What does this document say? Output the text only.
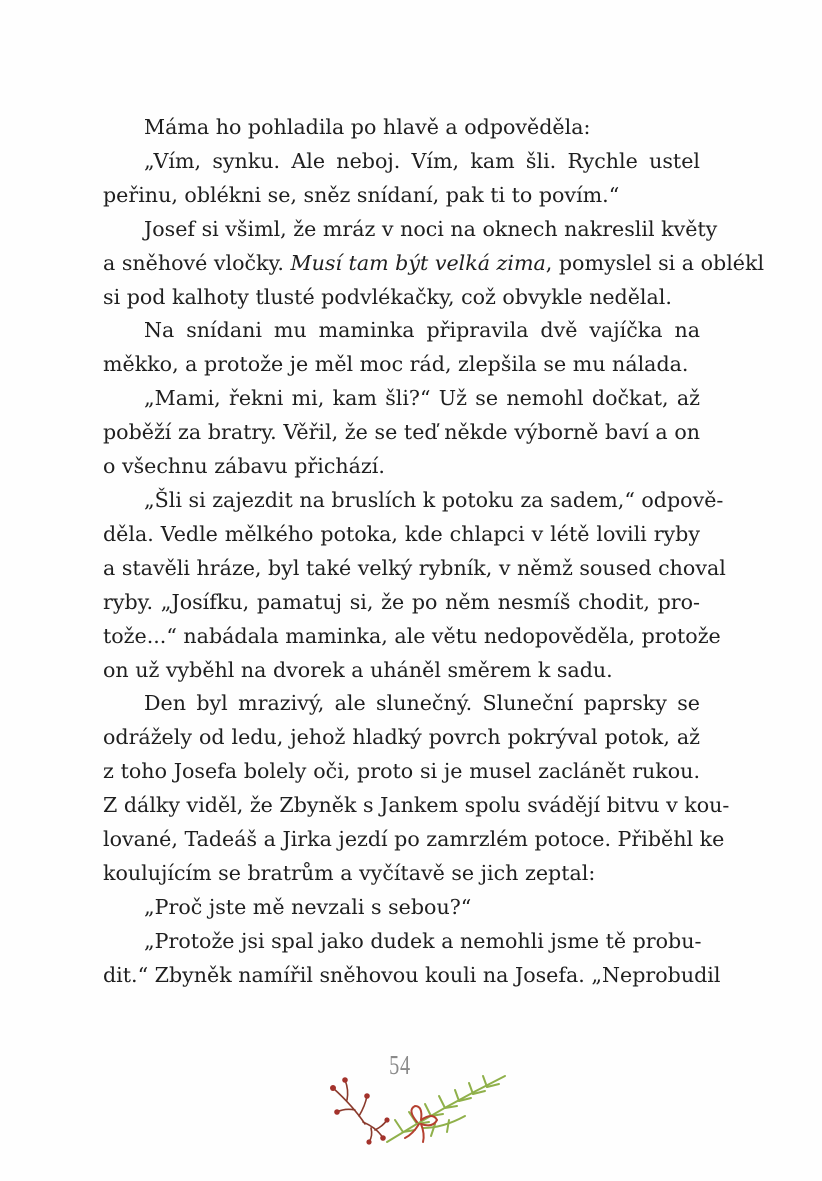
Máma ho pohladila po hlavě a odpověděla:

„Vím, synku. Ale neboj. Vím, kam šli. Rychle ustel
peřinu, oblékni se, sněz snídaní, pak ti to povím.“

Josef si všiml, že mráz v noci na oknech nakreslil květy
a sněhové vločky. Musí tam být velká zima, pomyslel si a oblékl
si pod kalhoty tlusté podvlékačky, což obvykle nedělal.

Na snídani mu maminka připravila dvě vajíčka na
měkko, a protože je měl moc rád, zlepšila se mu nálada.

„Mami, řekni mi, kam šli?“ Už se nemohl dočkat, až
poběží za bratry. Věřil, že se teď někde výborně baví a on
o všechnu zábavu přichází.

„Šli si zajezdit na bruslích k potoku za sadem,“ odpově-
děla. Vedle mělkého potoka, kde chlapci v létě lovili ryby
a stavěli hráze, byl také velký rybník, v němž soused choval
ryby. „Josífku, pamatuj si, že po něm nesmíš chodit, pro-
tože...“ nabádala maminka, ale větu nedopověděla, protože
on už vyběhl na dvorek a uháněl směrem k sadu.

Den byl mrazivý, ale slunečný. Sluneční paprsky se
odrážely od ledu, jehož hladký povrch pokrýval potok, až
z toho Josefa bolely oči, proto si je musel zaclánět rukou.
Z dálky viděl, že Zbyněk s Jankem spolu svádějí bitvu v kou-
lované, Tadeáš a Jirka jezdí po zamrzlém potoce. Přiběhl ke
koulujícím se bratrům a vyčítavě se jich zeptal:

„Proč jste mě nevzali s sebou?“

„Protože jsi spal jako dudek a nemohli jsme tě probu-
dit.“ Zbyněk namířil sněhovou kouli na Josefa. „Neprobudil

54
